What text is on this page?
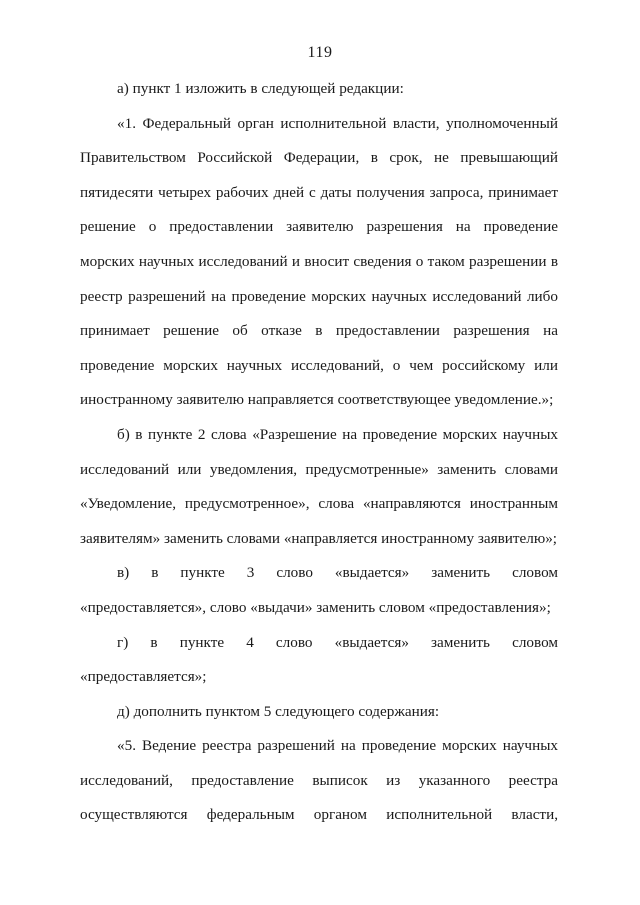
119

а) пункт 1 изложить в следующей редакции:

«1. Федеральный орган исполнительной власти, уполномоченный Правительством Российской Федерации, в срок, не превышающий пятидесяти четырех рабочих дней с даты получения запроса, принимает решение о предоставлении заявителю разрешения на проведение морских научных исследований и вносит сведения о таком разрешении в реестр разрешений на проведение морских научных исследований либо принимает решение об отказе в предоставлении разрешения на проведение морских научных исследований, о чем российскому или иностранному заявителю направляется соответствующее уведомление.»;

б) в пункте 2 слова «Разрешение на проведение морских научных исследований или уведомления, предусмотренные» заменить словами «Уведомление, предусмотренное», слова «направляются иностранным заявителям» заменить словами «направляется иностранному заявителю»;

в) в пункте 3 слово «выдается» заменить словом «предоставляется», слово «выдачи» заменить словом «предоставления»;

г) в пункте 4 слово «выдается» заменить словом «предоставляется»;

д) дополнить пунктом 5 следующего содержания:

«5. Ведение реестра разрешений на проведение морских научных исследований, предоставление выписок из указанного реестра осуществляются федеральным органом исполнительной власти,
